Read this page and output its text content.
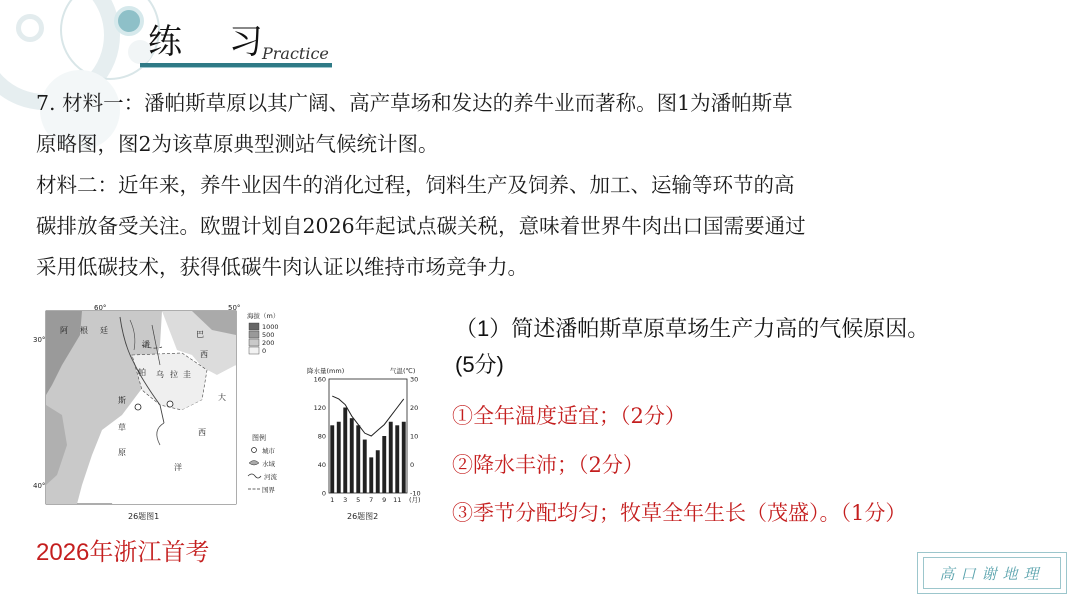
练 习
Practice
7. 材料一：潘帕斯草原以其广阔、高产草场和发达的养牛业而著称。图1为潘帕斯草
原略图，图2为该草原典型测站气候统计图。
材料二：近年来，养牛业因牛的消化过程，饲料生产及饲养、加工、运输等环节的高
碳排放备受关注。欧盟计划自2026年起试点碳关税，意味着世界牛肉出口国需要通过
采用低碳技术，获得低碳牛肉认证以维持市场竞争力。
60°	50°
30°
40°
阿 根 廷	巴
西
潘
帕 乌 拉 圭
斯
草
原
大
西
洋
海拔（m）
1000
500
200
0
图例
城市
水域
河流
国界
26题图1
降水量(mm)	气温(℃)
160
120
80
40
0
30
20
10
0
-10
1 3 5 7 9 11 (月)
26题图2
（1）简述潘帕斯草原草场生产力高的气候原因。
(5分)
①全年温度适宜；（2分）
②降水丰沛；（2分）
③季节分配均匀；牧草全年生长（茂盛）。（1分）
2026年浙江首考
高口谢地理
